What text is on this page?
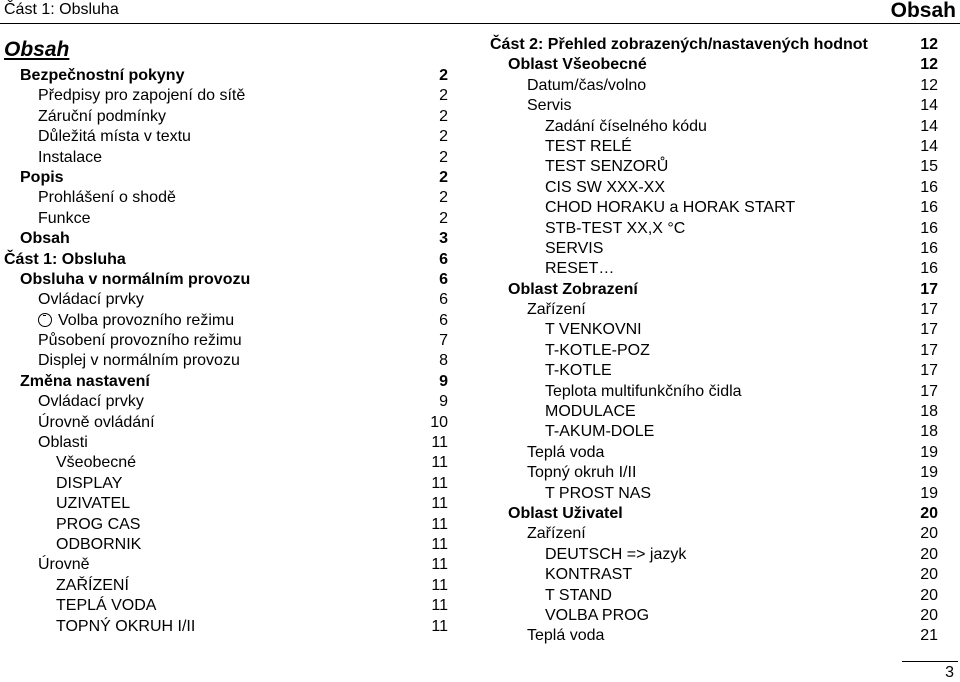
Část 1: Obsluha	Obsah
Obsah
Bezpečnostní pokyny	2
Předpisy pro zapojení do sítě	2
Záruční podmínky	2
Důležitá místa v textu	2
Instalace	2
Popis	2
Prohlášení o shodě	2
Funkce	2
Obsah	3
Část 1: Obsluha	6
Obsluha v normálním provozu	6
Ovládací prvky	6
Volba provozního režimu	6
Působení provozního režimu	7
Displej v normálním provozu	8
Změna nastavení	9
Ovládací prvky	9
Úrovně ovládání	10
Oblasti	11
Všeobecné	11
DISPLAY	11
UZIVATEL	11
PROG CAS	11
ODBORNIK	11
Úrovně	11
ZAŘÍZENÍ	11
TEPLÁ VODA	11
TOPNÝ OKRUH I/II	11
Část 2: Přehled zobrazených/nastavených hodnot	12
Oblast Všeobecné	12
Datum/čas/volno	12
Servis	14
Zadání číselného kódu	14
TEST RELÉ	14
TEST SENZORŮ	15
CIS SW XXX-XX	16
CHOD HORAKU a HORAK START	16
STB-TEST XX,X °C	16
SERVIS	16
RESET…	16
Oblast Zobrazení	17
Zařízení	17
T VENKOVNI	17
T-KOTLE-POZ	17
T-KOTLE	17
Teplota multifunkčního čidla	17
MODULACE	18
T-AKUM-DOLE	18
Teplá voda	19
Topný okruh I/II	19
T PROST NAS	19
Oblast Uživatel	20
Zařízení	20
DEUTSCH => jazyk	20
KONTRAST	20
T STAND	20
VOLBA PROG	20
Teplá voda	21
3
